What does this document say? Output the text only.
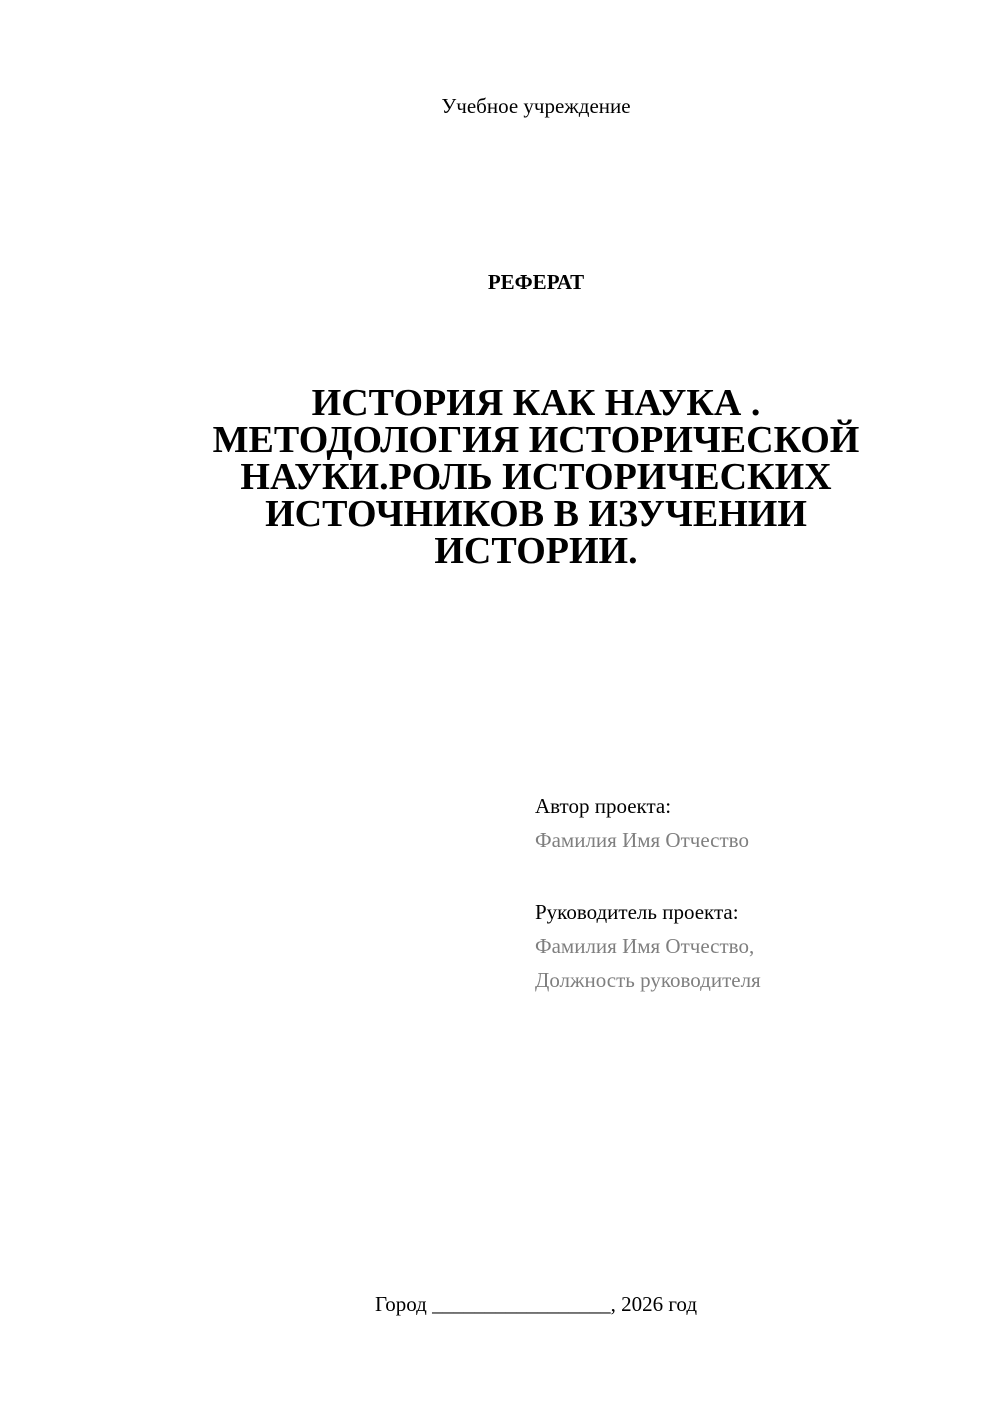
Учебное учреждение
РЕФЕРАТ
ИСТОРИЯ КАК НАУКА .
МЕТОДОЛОГИЯ ИСТОРИЧЕСКОЙ
НАУКИ.РОЛЬ ИСТОРИЧЕСКИХ
ИСТОЧНИКОВ В ИЗУЧЕНИИ
ИСТОРИИ.
Автор проекта:
Фамилия Имя Отчество
Руководитель проекта:
Фамилия Имя Отчество,
Должность руководителя
Город _________________, 2026 год
